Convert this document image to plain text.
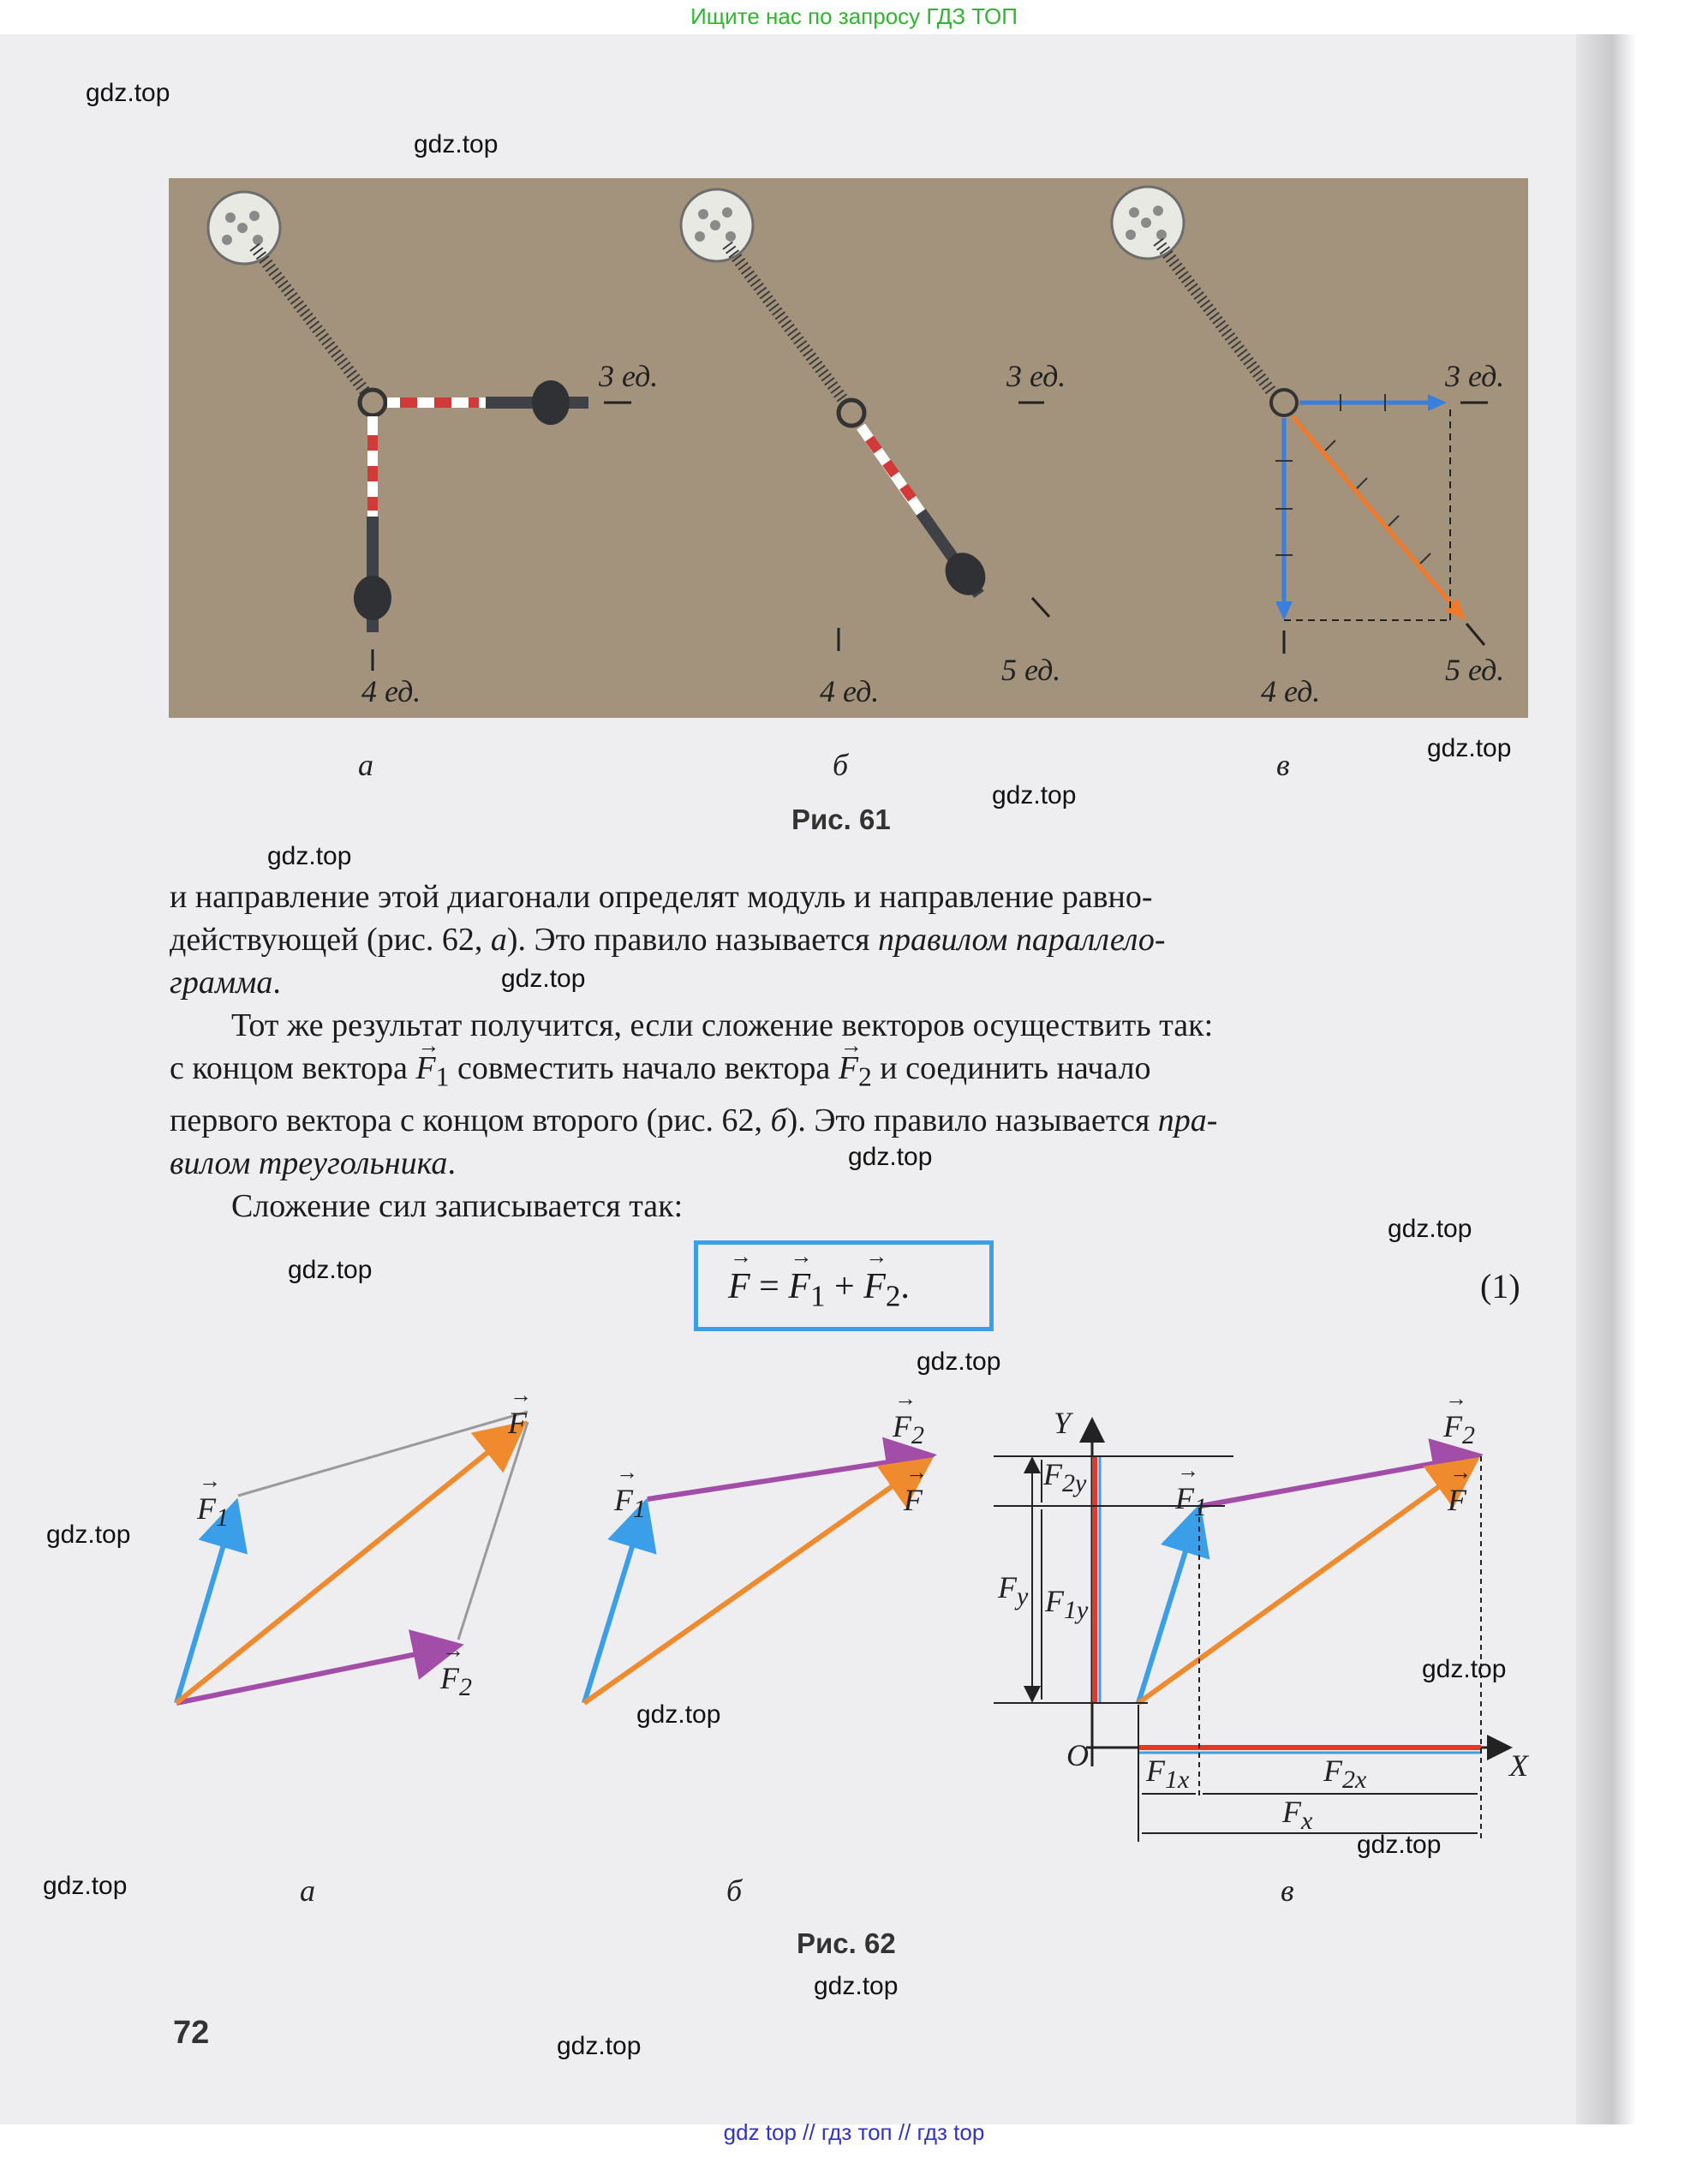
Ищите нас по запросу ГДЗ ТОП
gdz.top
gdz.top
gdz.top
gdz.top
gdz.top
gdz.top
gdz.top
gdz.top
gdz.top
gdz.top
gdz.top
gdz.top
gdz.top
gdz.top
gdz.top
gdz.top
gdz.top
3 ед.
4 ед.
3 ед.
4 ед.
5 ед.
3 ед.
4 ед.
5 ед.
а	б	в
Рис. 61
и направление этой диагонали определят модуль и направление равно-
действующей (рис. 62, а). Это правило называется правилом параллело-
грамма.
Тот же результат получится, если сложение векторов осуществить так:
с концом вектора → $F_1$ совместить начало вектора → $F_2$ и соединить начало
первого вектора с концом второго (рис. 62, б). Это правило называется пра-
вилом треугольника.
Сложение сил записывается так:
→ F = → $F_1$ + → $F_2$.	(1)
→ F
→ $F_1$
→ $F_2$
→ $F_1$
→ $F_2$
→ F
Y
X
O
$F_{2y}$
$F_y$ $F_{1y}$
→ $F_1$
→ $F_2$
→ F
$F_{1x}$	$F_{2x}$
$F_x$
а	б	в
Рис. 62
72
gdz top // гдз топ // гдз top
